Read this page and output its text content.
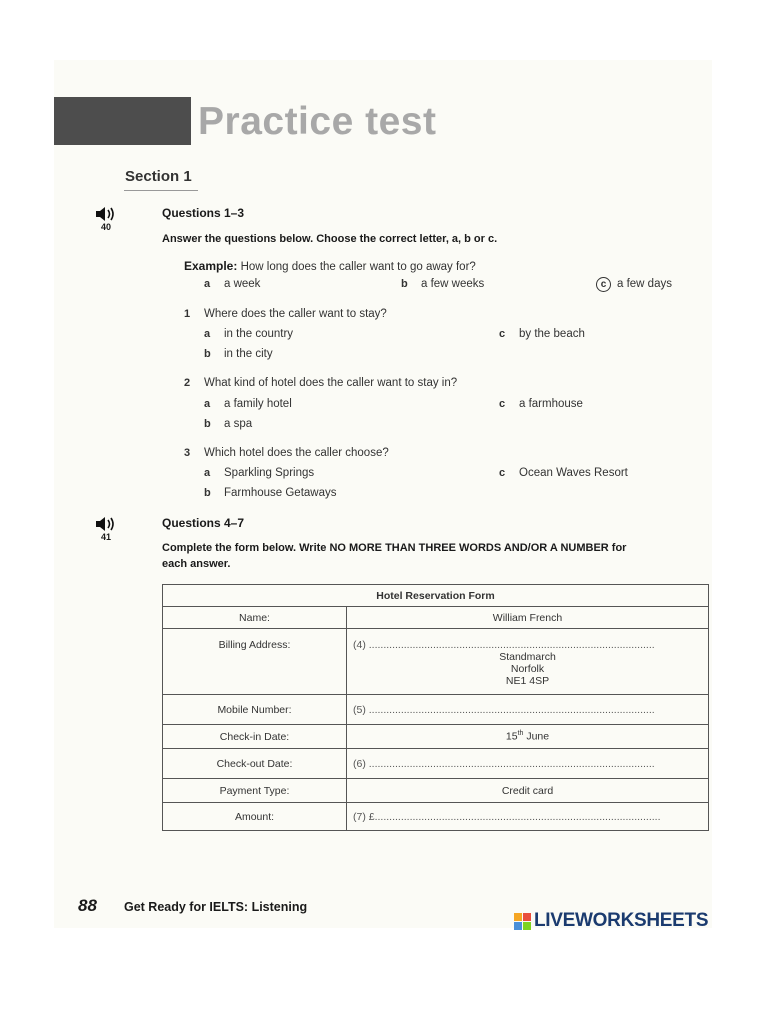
Practice test
Section 1
40
Questions 1–3
Answer the questions below. Choose the correct letter, a, b or c.
Example: How long does the caller want to go away for?
a a week	b a few weeks	c a few days
1 Where does the caller want to stay?
a in the country
b in the city
c by the beach
2 What kind of hotel does the caller want to stay in?
a a family hotel
b a spa
c a farmhouse
3 Which hotel does the caller choose?
a Sparkling Springs
b Farmhouse Getaways
c Ocean Waves Resort
41
Questions 4–7
Complete the form below. Write NO MORE THAN THREE WORDS AND/OR A NUMBER for
each answer.
Hotel Reservation Form	
Name:	William French
Billing Address:	(4) ..................................................................................................
Standmarch
Norfolk
NE1 4SP

Mobile Number:	(5) ..................................................................................................

Check-in Date:	15th June
Check-out Date:	(6) ..................................................................................................

Payment Type:	Credit card
Amount:	(7) £..................................................................................................
88 Get Ready for IELTS: Listening
LIVEWORKSHEETS
